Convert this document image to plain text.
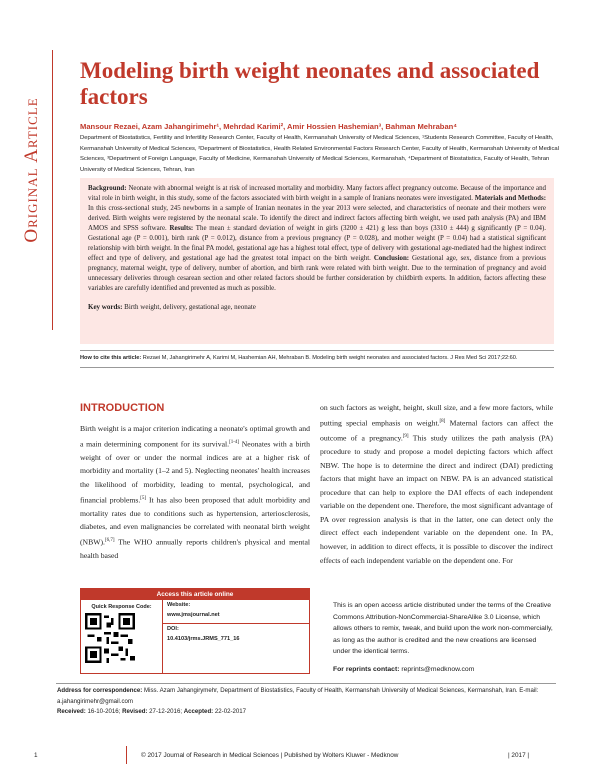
Original Article
Modeling birth weight neonates and associated factors
Mansour Rezaei, Azam Jahangirimehr¹, Mehrdad Karimi², Amir Hossien Hashemian³, Bahman Mehraban⁴
Department of Biostatistics, Fertility and Infertility Research Center, Faculty of Health, Kermanshah University of Medical Sciences, ¹Students Research Committee, Faculty of Health, Kermanshah University of Medical Sciences, ²Department of Biostatistics, Health Related Environmental Factors Research Center, Faculty of Health, Kermanshah University of Medical Sciences, ³Department of Foreign Language, Faculty of Medicine, Kermanshah University of Medical Sciences, Kermanshah, ⁴Department of Biostatistics, Faculty of Health, Tehran University of Medical Sciences, Tehran, Iran

Background: Neonate with abnormal weight is at risk of increased mortality and morbidity. Many factors affect pregnancy outcome. Because of the importance and vital role in birth weight, in this study, some of the factors associated with birth weight in a sample of Iranians neonates were investigated. Materials and Methods: In this cross-sectional study, 245 newborns in a sample of Iranian neonates in the year 2013 were selected, and characteristics of neonate and their mothers were derived. Birth weights were registered by the neonatal scale. To identify the direct and indirect factors affecting birth weight, we used path analysis (PA) and IBM AMOS and SPSS software. Results: The mean ± standard deviation of weight in girls (3200 ± 421) g less than boys (3310 ± 444) g significantly (P = 0.04). Gestational age (P = 0.001), birth rank (P = 0.012), distance from a previous pregnancy (P = 0.028), and mother weight (P = 0.04) had a statistical significant relationship with birth weight. In the final PA model, gestational age has a highest total effect, type of delivery with gestational age-mediated had the highest indirect effect and type of delivery, and gestational age had the greatest total impact on the birth weight. Conclusion: Gestational age, sex, distance from a previous pregnancy, maternal weight, type of delivery, number of abortion, and birth rank were related with birth weight. Due to the termination of pregnancy and avoid unnecessary deliveries through cesarean section and other related factors should be further consideration by childbirth experts. In addition, factors affecting these variables are carefully identified and prevented as much as possible.

Key words: Birth weight, delivery, gestational age, neonate

How to cite this article: Rezaei M, Jahangirimehr A, Karimi M, Hashemian AH, Mehraban B. Modeling birth weight neonates and associated factors. J Res Med Sci 2017;22:60.
INTRODUCTION
Birth weight is a major criterion indicating a neonate's optimal growth and a main determining component for its survival.[1-4] Neonates with a birth weight of over or under the normal indices are at a higher risk of morbidity and mortality (1–2 and 5). Neglecting neonates' health increases the likelihood of morbidity, leading to mental, psychological, and financial problems.[5] It has also been proposed that adult morbidity and mortality rates due to conditions such as hypertension, arteriosclerosis, diabetes, and even malignancies be correlated with neonatal birth weight (NBW).[6,7] The WHO annually reports children's physical and mental health based
on such factors as weight, height, skull size, and a few more factors, while putting special emphasis on weight.[8] Maternal factors can affect the outcome of a pregnancy.[9] This study utilizes the path analysis (PA) procedure to study and propose a model depicting factors which affect NBW. The hope is to determine the direct and indirect (DAI) predicting factors that might have an impact on NBW. PA is an advanced statistical procedure that can help to explore the DAI effects of each independent variable on the dependent one. Therefore, the most significant advantage of PA over regression analysis is that in the latter, one can detect only the direct effect each independent variable on the dependent one. In PA, however, in addition to direct effects, it is possible to discover the indirect effects of each independent variable on the dependent one. For
Access this article online
Quick Response Code:	Website:
www.jmsjournal.net
DOI:
10.4103/jrms.JRMS_771_16
This is an open access article distributed under the terms of the Creative Commons Attribution-NonCommercial-ShareAlike 3.0 License, which allows others to remix, tweak, and build upon the work non-commercially, as long as the author is credited and the new creations are licensed under the identical terms.
For reprints contact: reprints@medknow.com
Address for correspondence: Miss. Azam Jahangirymehr, Department of Biostatistics, Faculty of Health, Kermanshah University of Medical Sciences, Kermanshah, Iran. E-mail: a.jahangirimehr@gmail.com
Received: 16-10-2016; Revised: 27-12-2016; Accepted: 22-02-2017
1	© 2017 Journal of Research in Medical Sciences | Published by Wolters Kluwer - Medknow	| 2017 |
